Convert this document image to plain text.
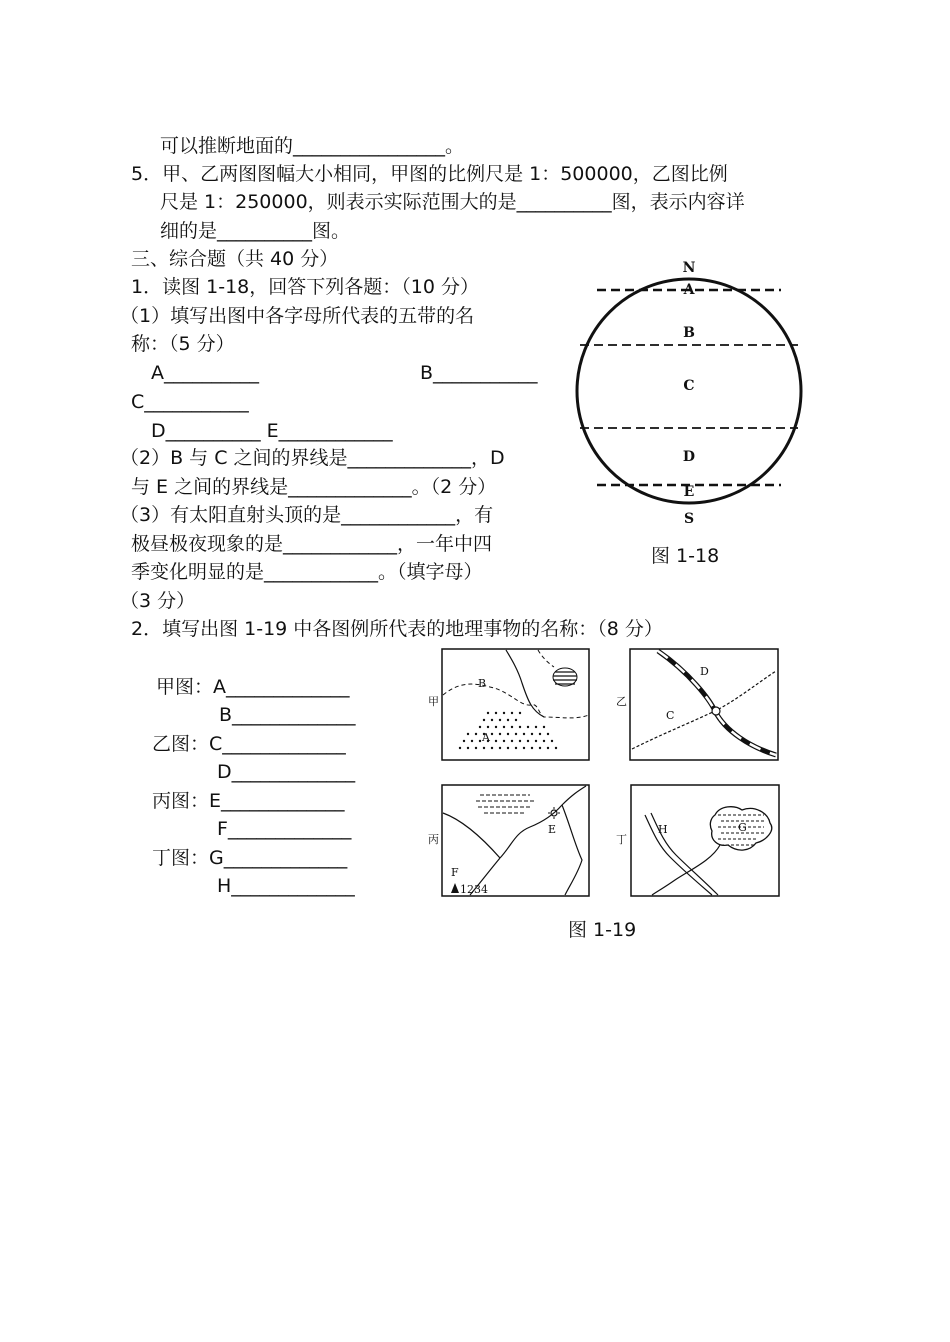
可以推断地面的________________。
5．甲、乙两图图幅大小相同，甲图的比例尺是 1：500000，乙图比例
尺是 1：250000，则表示实际范围大的是__________图，表示内容详
细的是__________图。
三、综合题（共 40 分）
1．读图 1-18，回答下列各题：（10 分）
（1）填写出图中各字母所代表的五带的名
称：（5 分）
A__________	B___________
C___________
D__________ E____________
（2）B 与 C 之间的界线是_____________，D
与 E 之间的界线是_____________。（2 分）
（3）有太阳直射头顶的是____________，有
极昼极夜现象的是____________，一年中四
季变化明显的是____________。（填字母）
（3 分）
2．填写出图 1-19 中各图例所代表的地理事物的名称：（8 分）
甲图：A_____________
B_____________
乙图：C_____________
D_____________
丙图：E_____________
F_____________
丁图：G_____________
H_____________
N
A
B
C
D
E
S
图 1-18
甲
A
B
乙
D
C
丙
E
F
1234
丁
H	G
图 1-19
